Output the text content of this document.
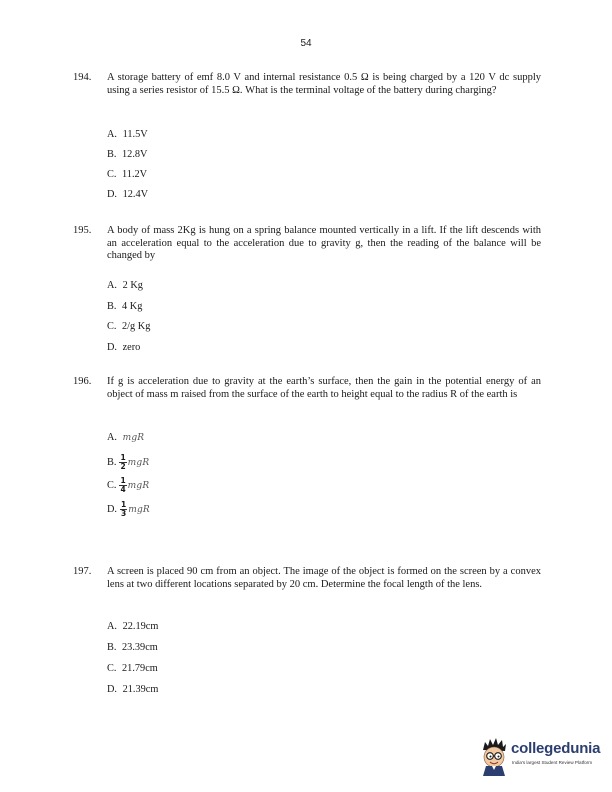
54
194. A storage battery of emf 8.0 V and internal resistance 0.5 Ω is being charged by a 120 V dc supply using a series resistor of 15.5 Ω. What is the terminal voltage of the battery during charging?
A. 11.5V
B. 12.8V
C. 11.2V
D. 12.4V
195. A body of mass 2Kg is hung on a spring balance mounted vertically in a lift. If the lift descends with an acceleration equal to the acceleration due to gravity g, then the reading of the balance will be changed by
A. 2 Kg
B. 4 Kg
C. 2/g Kg
D. zero
196. If g is acceleration due to gravity at the earth’s surface, then the gain in the potential energy of an object of mass m raised from the surface of the earth to height equal to the radius R of the earth is
A. mgR
B. $\frac{1}{2}$ mgR
C. $\frac{1}{4}$ mgR
D. $\frac{1}{3}$ mgR
197. A screen is placed 90 cm from an object. The image of the object is formed on the screen by a convex lens at two different locations separated by 20 cm. Determine the focal length of the lens.
A. 22.19cm
B. 23.39cm
C. 21.79cm
D. 21.39cm
collegedunia
India's largest Student Review Platform
